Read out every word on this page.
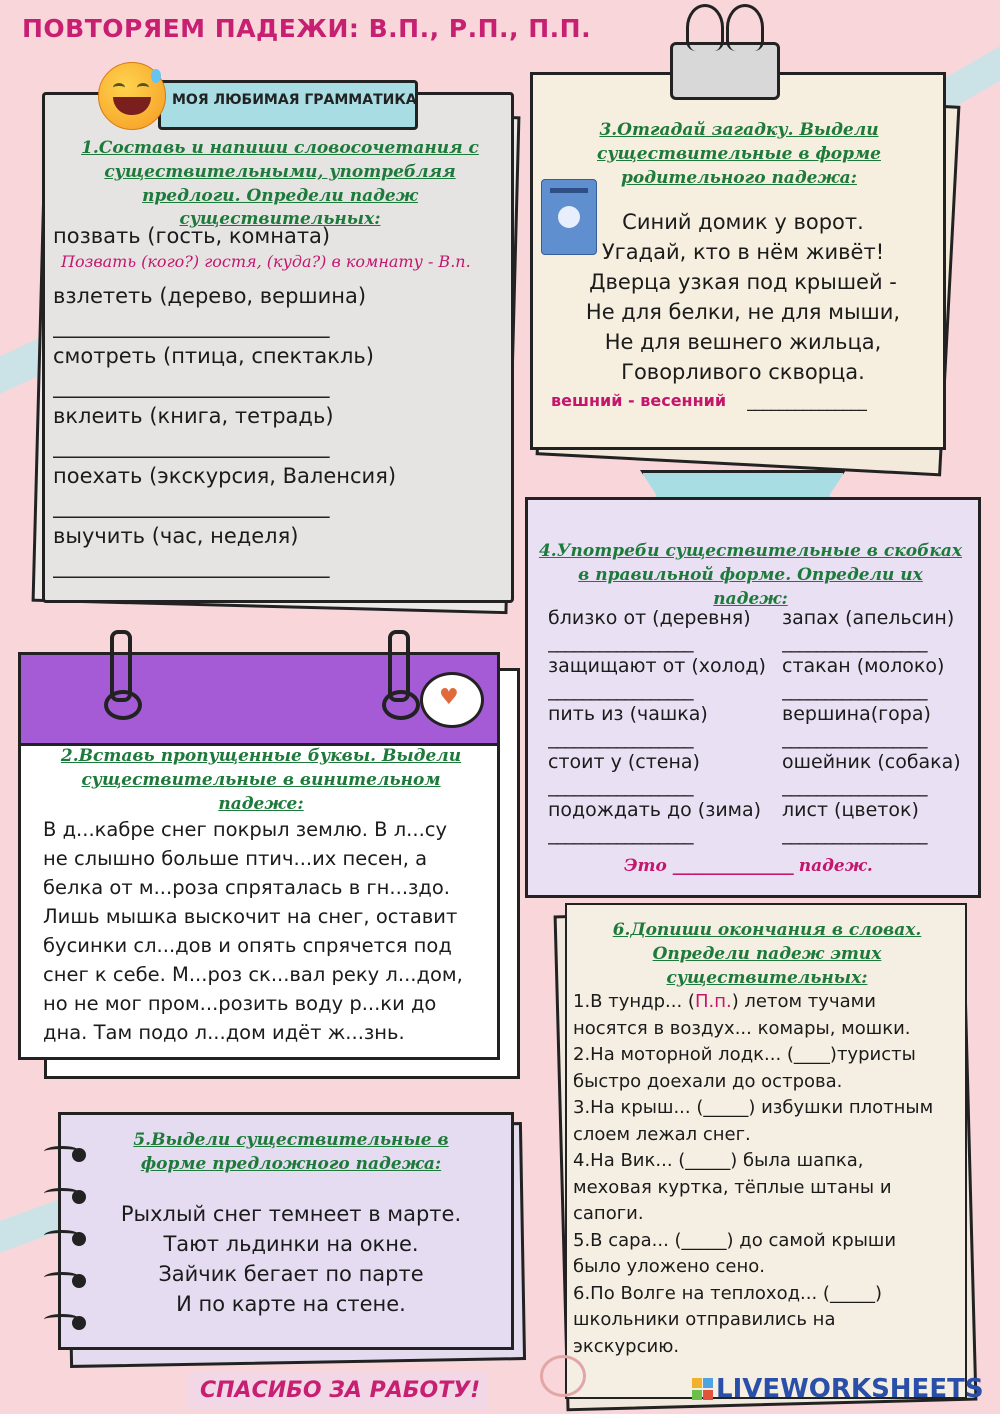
ПОВТОРЯЕМ ПАДЕЖИ: В.П., Р.П., П.П.
1.Составь и напиши словосочетания с существительными, употребляя предлоги. Определи падеж существительных:
позвать (гость, комната)
Позвать (кого?) гостя, (куда?) в комнату - В.п.
взлететь (дерево, вершина)
_____________________________
смотреть (птица, спектакль)
_____________________________
вклеить (книга, тетрадь)
_____________________________
поехать (экскурсия, Валенсия)
_____________________________
выучить (час, неделя)
_____________________________
МОЯ ЛЮБИМАЯ ГРАММАТИКА
3.Отгадай загадку. Выдели существительные в форме родительного падежа:
Синий домик у ворот.
Угадай, кто в нём живёт!
Дверца узкая под крышей -
Не для белки, не для мыши,
Не для вешнего жильца,
Говорливого скворца.
вешний - весенний _______________
4.Употреби существительные в скобках в правильной форме. Определи их падеж:
близко от (деревня)
_________________
защищают от (холод)
_________________
пить из (чашка)
_________________
стоит у (стена)
_________________
подождать до (зима)
_________________
запах (апельсин)
_________________
стакан (молоко)
_________________
вершина(гора)
_________________
ошейник (собака)
_________________
лист (цветок)
_________________
Это ________________ падеж.
2.Вставь пропущенные буквы. Выдели существительные в винительном падеже:
В д...кабре снег покрыл землю. В л...су
не слышно больше птич...их песен, а
белка от м...роза спряталась в гн...здо.
Лишь мышка выскочит на снег, оставит
бусинки сл...дов и опять спрячется под
снег к себе. М...роз ск...вал реку л...дом,
но не мог пром...розить воду р...ки до
дна. Там подо л...дом идёт ж...знь.
♥
6.Допиши окончания в словах. Определи падеж этих существительных:
1.В тундр... (П.п.) летом тучами
носятся в воздух... комары, мошки.
2.На моторной лодк... (____)туристы
быстро доехали до острова.
3.На крыш... (_____) избушки плотным
слоем лежал снег.
4.На Вик... (_____) была шапка,
меховая куртка, тёплые штаны и
сапоги.
5.В сара... (_____) до самой крыши
было уложено сено.
6.По Волге на теплоход... (_____)
школьники отправились на
экскурсию.
5.Выдели существительные в форме предложного падежа:
Рыхлый снег темнеет в марте.
Тают льдинки на окне.
Зайчик бегает по парте
И по карте на стене.
СПАСИБО ЗА РАБОТУ!	LIVEWORKSHEETS
